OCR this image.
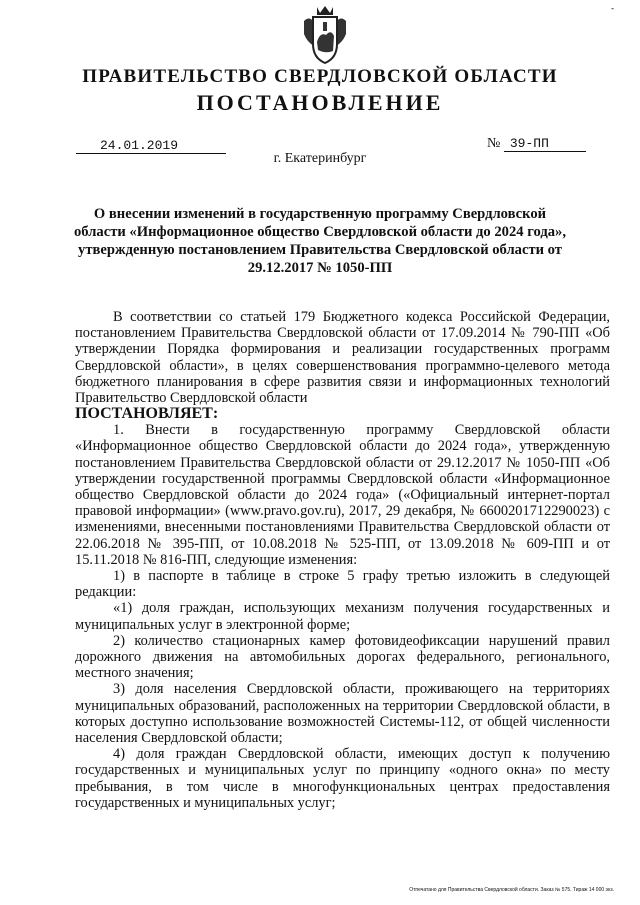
-
ПРАВИТЕЛЬСТВО СВЕРДЛОВСКОЙ ОБЛАСТИ
ПОСТАНОВЛЕНИЕ
24.01.2019	№ 39-ПП
г. Екатеринбург
О внесении изменений в государственную программу Свердловской области «Информационное общество Свердловской области до 2024 года», утвержденную постановлением Правительства Свердловской области от 29.12.2017 № 1050-ПП

В соответствии со статьей 179 Бюджетного кодекса Российской Федерации, постановлением Правительства Свердловской области от 17.09.2014 № 790-ПП «Об утверждении Порядка формирования и реализации государственных программ Свердловской области», в целях совершенствования программно-целевого метода бюджетного планирования в сфере развития связи и информационных технологий Правительство Свердловской области

ПОСТАНОВЛЯЕТ:

1. Внести в государственную программу Свердловской области «Информационное общество Свердловской области до 2024 года», утвержденную постановлением Правительства Свердловской области от 29.12.2017 № 1050-ПП «Об утверждении государственной программы Свердловской области «Информационное общество Свердловской области до 2024 года» («Официальный интернет-портал правовой информации» (www.pravo.gov.ru), 2017, 29 декабря, № 6600201712290023) с изменениями, внесенными постановлениями Правительства Свердловской области от 22.06.2018 № 395-ПП, от 10.08.2018 № 525-ПП, от 13.09.2018 № 609-ПП и от 15.11.2018 № 816-ПП, следующие изменения:

1) в паспорте в таблице в строке 5 графу третью изложить в следующей редакции:

«1) доля граждан, использующих механизм получения государственных и муниципальных услуг в электронной форме;

2) количество стационарных камер фотовидеофиксации нарушений правил дорожного движения на автомобильных дорогах федерального, регионального, местного значения;

3) доля населения Свердловской области, проживающего на территориях муниципальных образований, расположенных на территории Свердловской области, в которых доступно использование возможностей Системы-112, от общей численности населения Свердловской области;

4) доля граждан Свердловской области, имеющих доступ к получению государственных и муниципальных услуг по принципу «одного окна» по месту пребывания, в том числе в многофункциональных центрах предоставления государственных и муниципальных услуг;

Отпечатано для Правительства Свердловской области. Заказ № 575. Тираж 14 000 экз.
